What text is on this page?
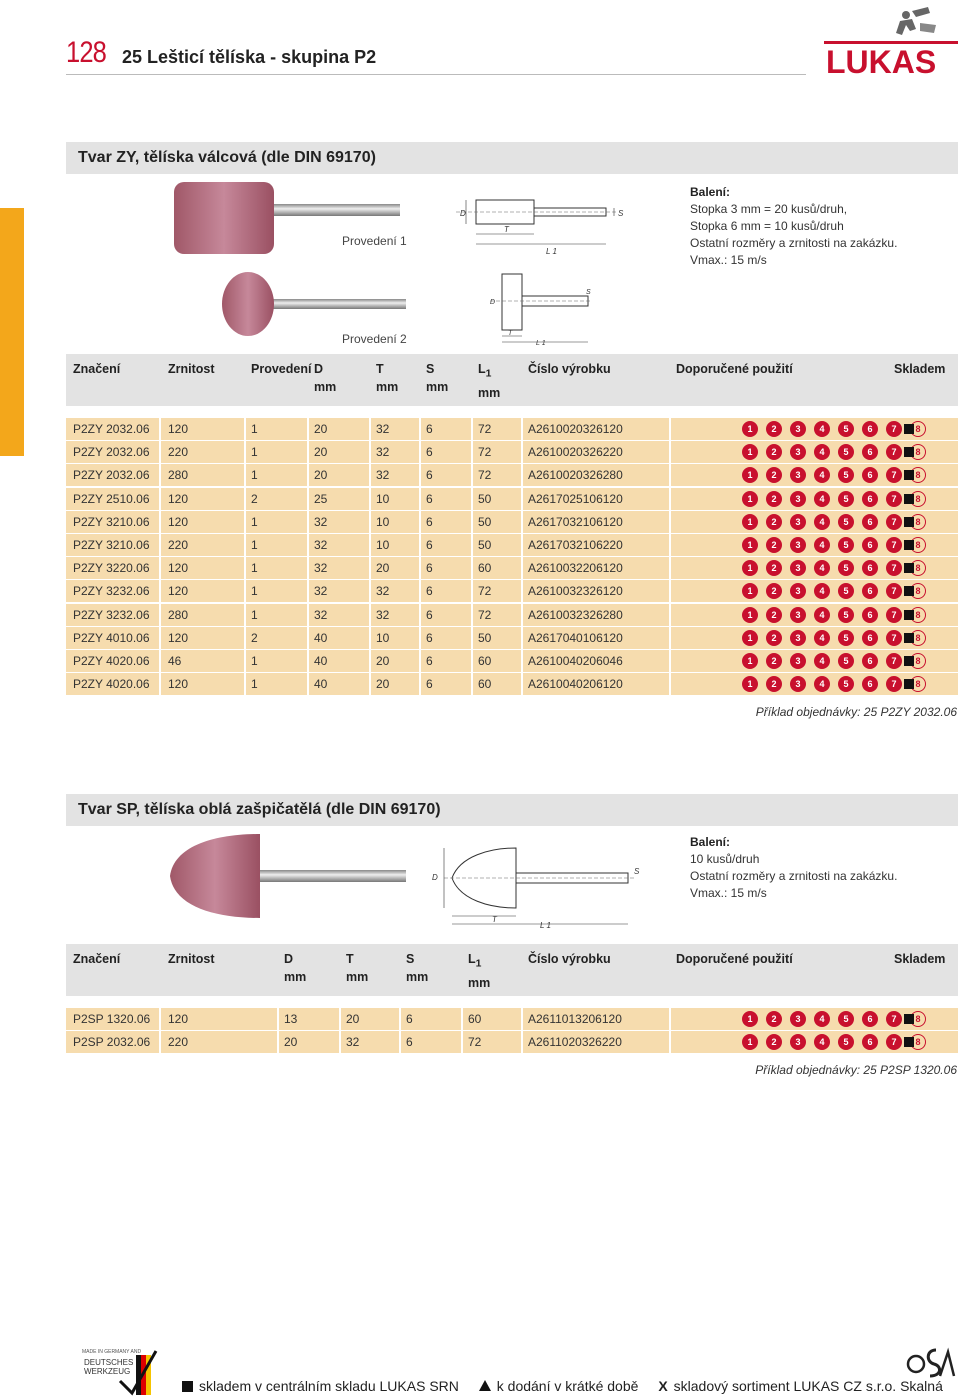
128 25 Lešticí tělíska - skupina P2	LUKAS
Tvar ZY, tělíska válcová (dle DIN 69170)
Provedení 1
Provedení 2
D
T
L 1
S
D
T
L 1
S
Balení:
Stopka 3 mm = 20 kusů/druh,
Stopka 6 mm = 10 kusů/druh
Ostatní rozměry a zrnitosti na zakázku.
Vmax.: 15 m/s
Značení	Zrnitost	Provedení D
mm
T
mm
S
mm
$L_1$
mm
Číslo výrobku	Doporučené použití	Skladem
P2ZY 2032.06 120	1	20	32	6	72	A2610020326120	1	2	3	4	5	6	7	8
P2ZY 2032.06 220	1	20	32	6	72	A2610020326220	1	2	3	4	5	6	7	8
P2ZY 2032.06 280	1	20	32	6	72	A2610020326280	1	2	3	4	5	6	7	8
P2ZY 2510.06 120	2	25	10	6	50	A2617025106120	1	2	3	4	5	6	7	8
P2ZY 3210.06 120	1	32	10	6	50	A2617032106120	1	2	3	4	5	6	7	8
P2ZY 3210.06 220	1	32	10	6	50	A2617032106220	1	2	3	4	5	6	7	8
P2ZY 3220.06 120	1	32	20	6	60	A2610032206120	1	2	3	4	5	6	7	8
P2ZY 3232.06 120	1	32	32	6	72	A2610032326120	1	2	3	4	5	6	7	8
P2ZY 3232.06 280	1	32	32	6	72	A2610032326280	1	2	3	4	5	6	7	8
P2ZY 4010.06 120	2	40	10	6	50	A2617040106120	1	2	3	4	5	6	7	8
P2ZY 4020.06 46	1	40	20	6	60	A2610040206046	1	2	3	4	5	6	7	8
P2ZY 4020.06 120	1	40	20	6	60	A2610040206120	1	2	3	4	5	6	7	8
Příklad objednávky: 25 P2ZY 2032.06
Tvar SP, tělíska oblá zašpičatělá (dle DIN 69170)
D
T
L 1
S
Balení:
10 kusů/druh
Ostatní rozměry a zrnitosti na zakázku.
Vmax.: 15 m/s
Značení	Zrnitost	D
mm
T
mm
S
mm
$L_1$
mm
Číslo výrobku	Doporučené použití	Skladem
P2SP 1320.06 120	13	20	6	60	A2611013206120	1	2	3	4	5	6	7	8
P2SP 2032.06 220	20	32	6	72	A2611020326220	1	2	3	4	5	6	7	8
Příklad objednávky: 25 P2SP 1320.06
MADE IN GERMANY AND
DEUTSCHES
WERKZEUG
skladem v centrálním skladu LUKAS SRN	k dodání v krátké době X skladový sortiment LUKAS CZ s.r.o. Skalná
